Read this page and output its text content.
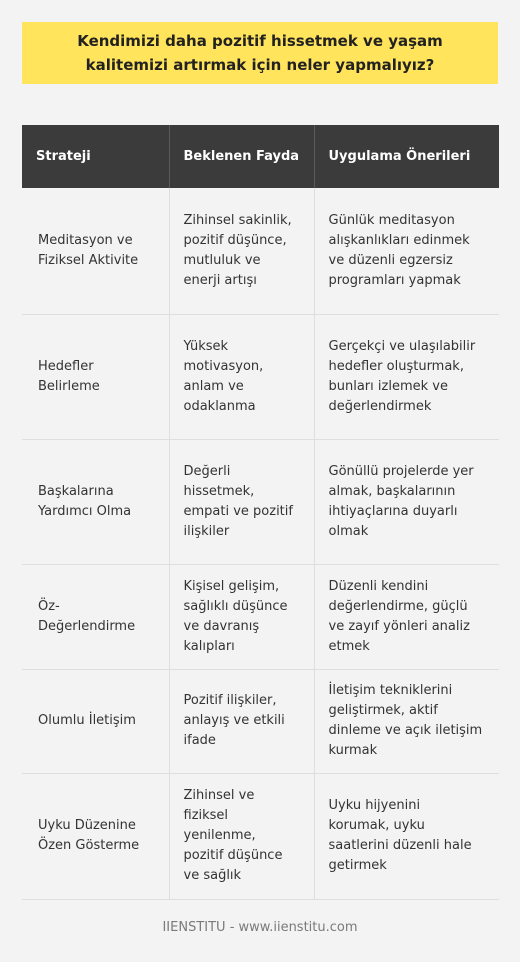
Kendimizi daha pozitif hissetmek ve yaşam kalitemizi artırmak için neler yapmalıyız?
Strateji	Beklenen Fayda	Uygulama Önerileri
Meditasyon ve Fiziksel Aktivite	Zihinsel sakinlik, pozitif düşünce, mutluluk ve enerji artışı	Günlük meditasyon alışkanlıkları edinmek ve düzenli egzersiz programları yapmak
Hedefler Belirleme	Yüksek motivasyon, anlam ve odaklanma	Gerçekçi ve ulaşılabilir hedefler oluşturmak, bunları izlemek ve değerlendirmek
Başkalarına Yardımcı Olma	Değerli hissetmek, empati ve pozitif ilişkiler	Gönüllü projelerde yer almak, başkalarının ihtiyaçlarına duyarlı olmak
Öz-Değerlendirme	Kişisel gelişim, sağlıklı düşünce ve davranış kalıpları	Düzenli kendini değerlendirme, güçlü ve zayıf yönleri analiz etmek
Olumlu İletişim	Pozitif ilişkiler, anlayış ve etkili ifade	İletişim tekniklerini geliştirmek, aktif dinleme ve açık iletişim kurmak
Uyku Düzenine Özen Gösterme	Zihinsel ve fiziksel yenilenme, pozitif düşünce ve sağlık	Uyku hijyenini korumak, uyku saatlerini düzenli hale getirmek
IIENSTITU - www.iienstitu.com
